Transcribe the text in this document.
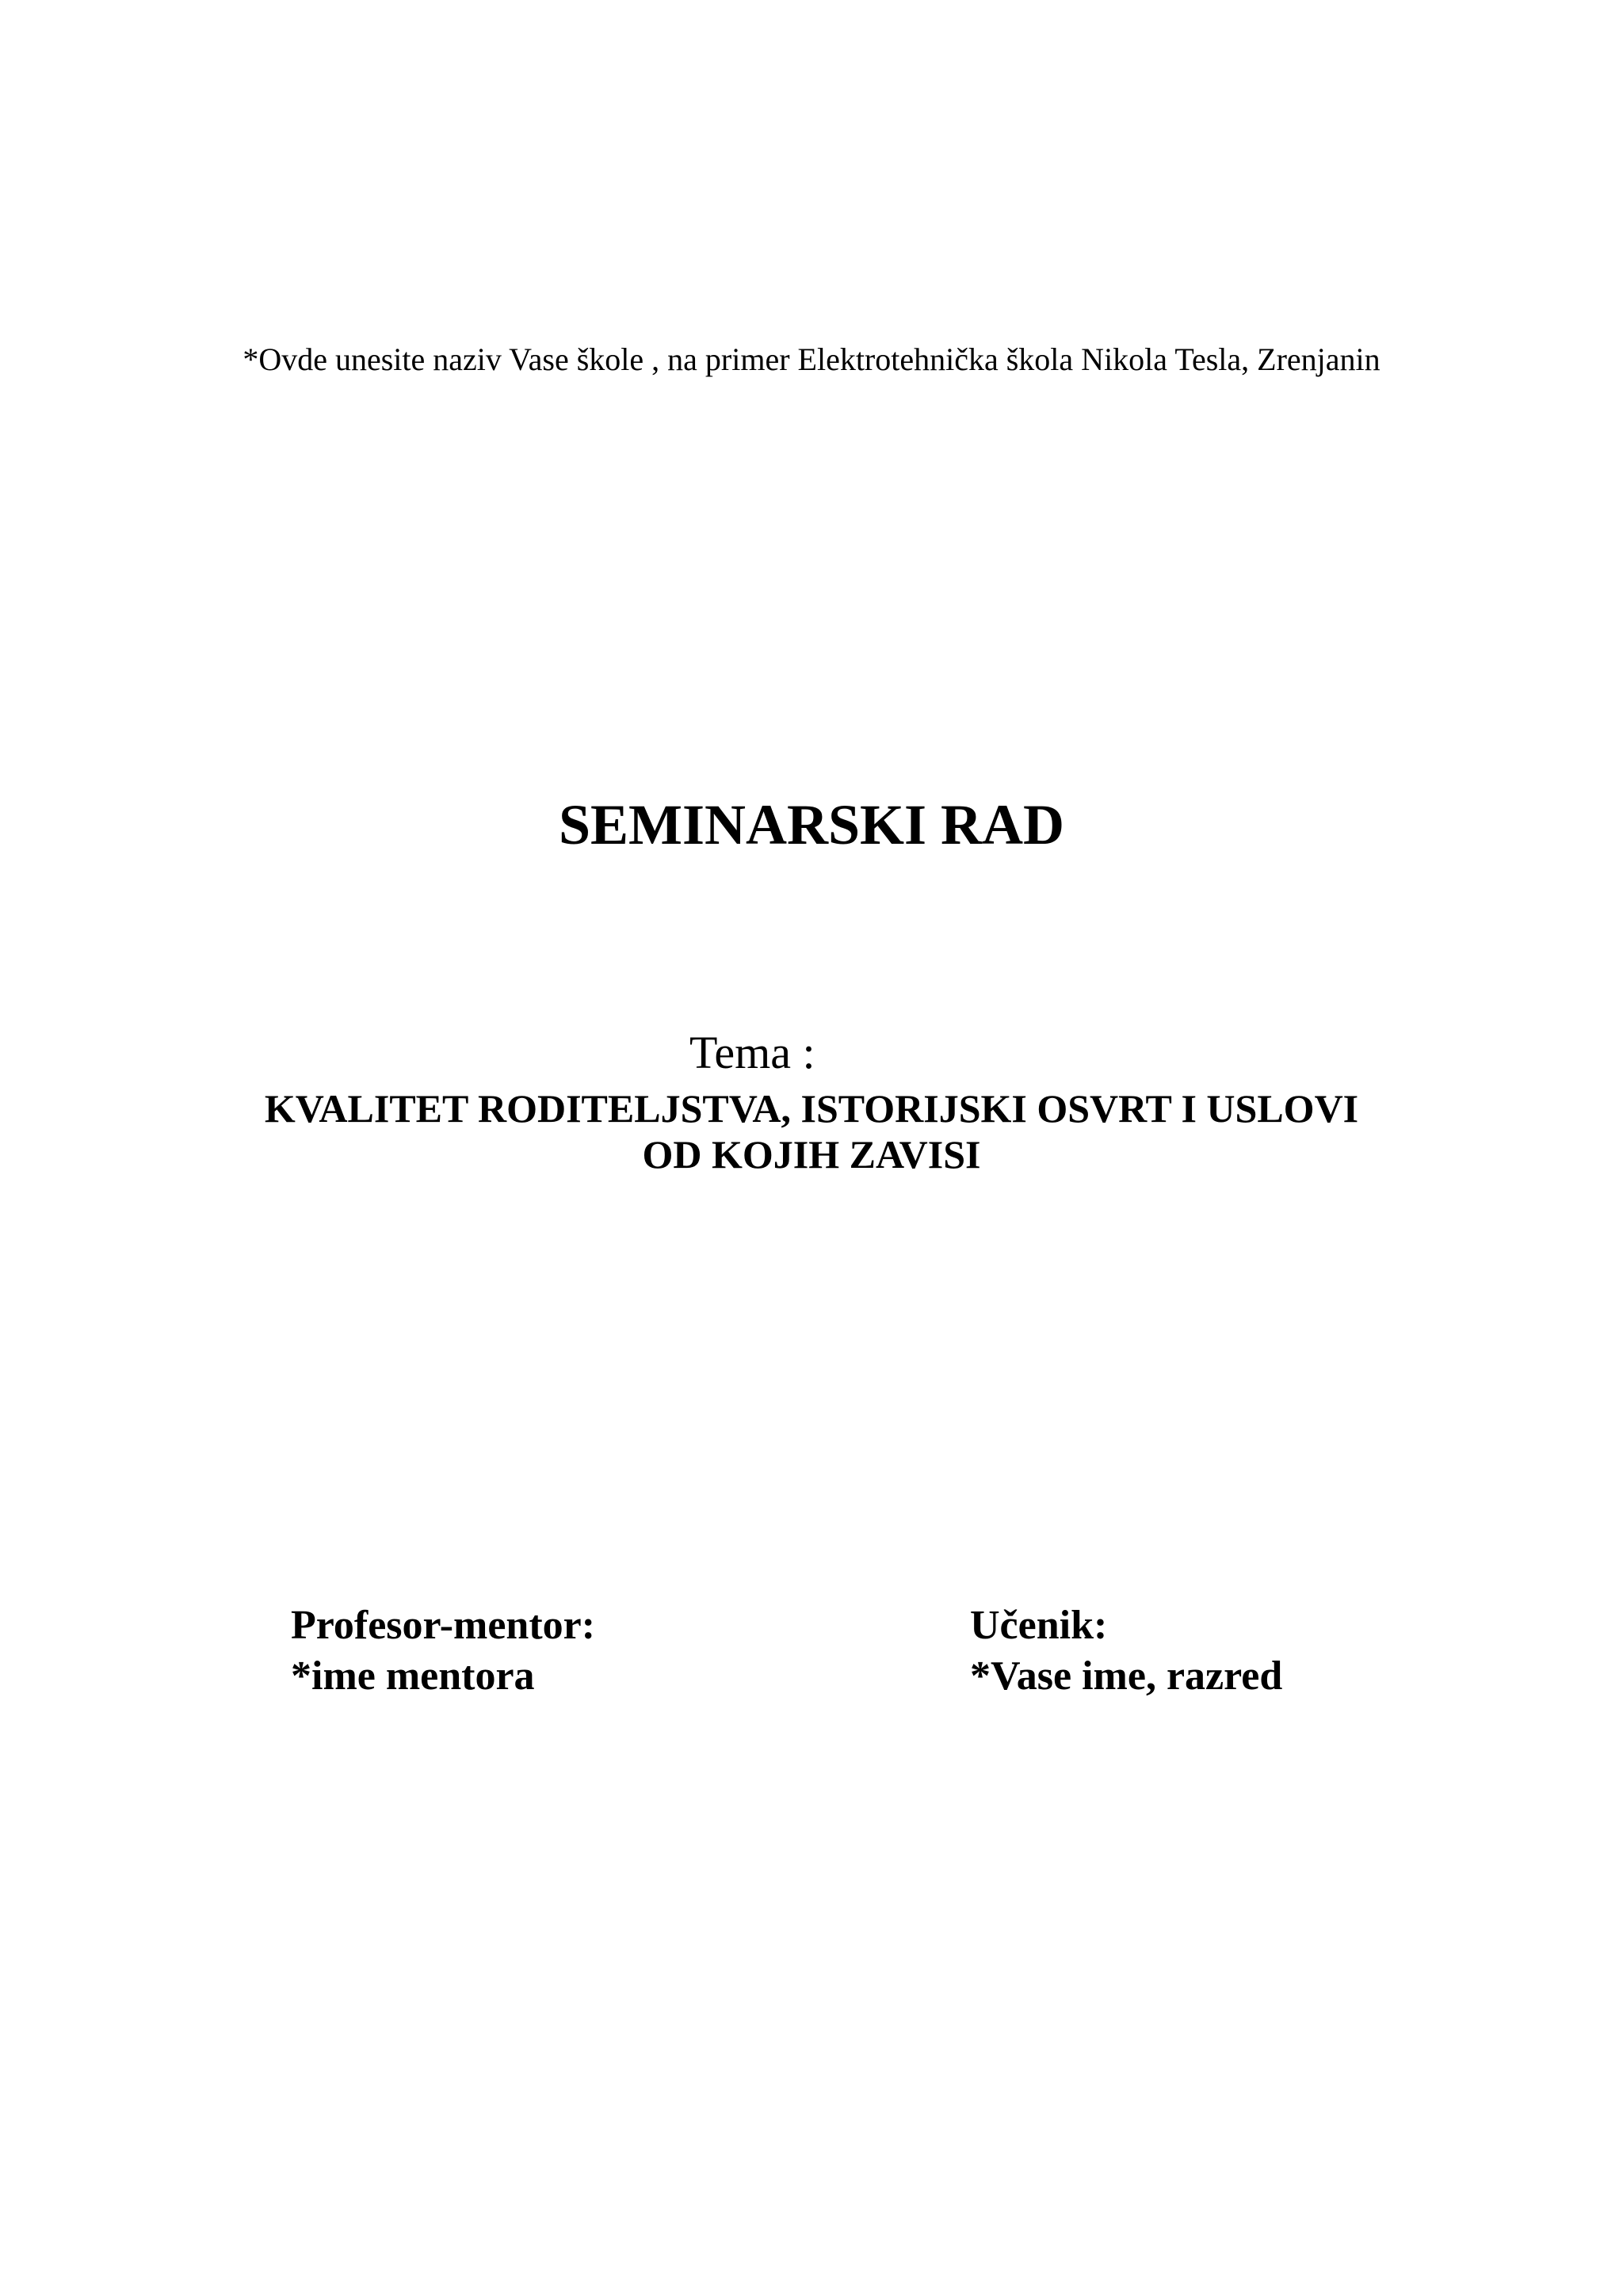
*Ovde unesite naziv Vase škole , na primer Elektrotehnička škola Nikola Tesla, Zrenjanin
SEMINARSKI RAD
Tema :
KVALITET RODITELJSTVA, ISTORIJSKI OSVRT I USLOVI
OD KOJIH ZAVISI
Profesor-mentor:
*ime mentora
Učenik:
*Vase ime, razred
